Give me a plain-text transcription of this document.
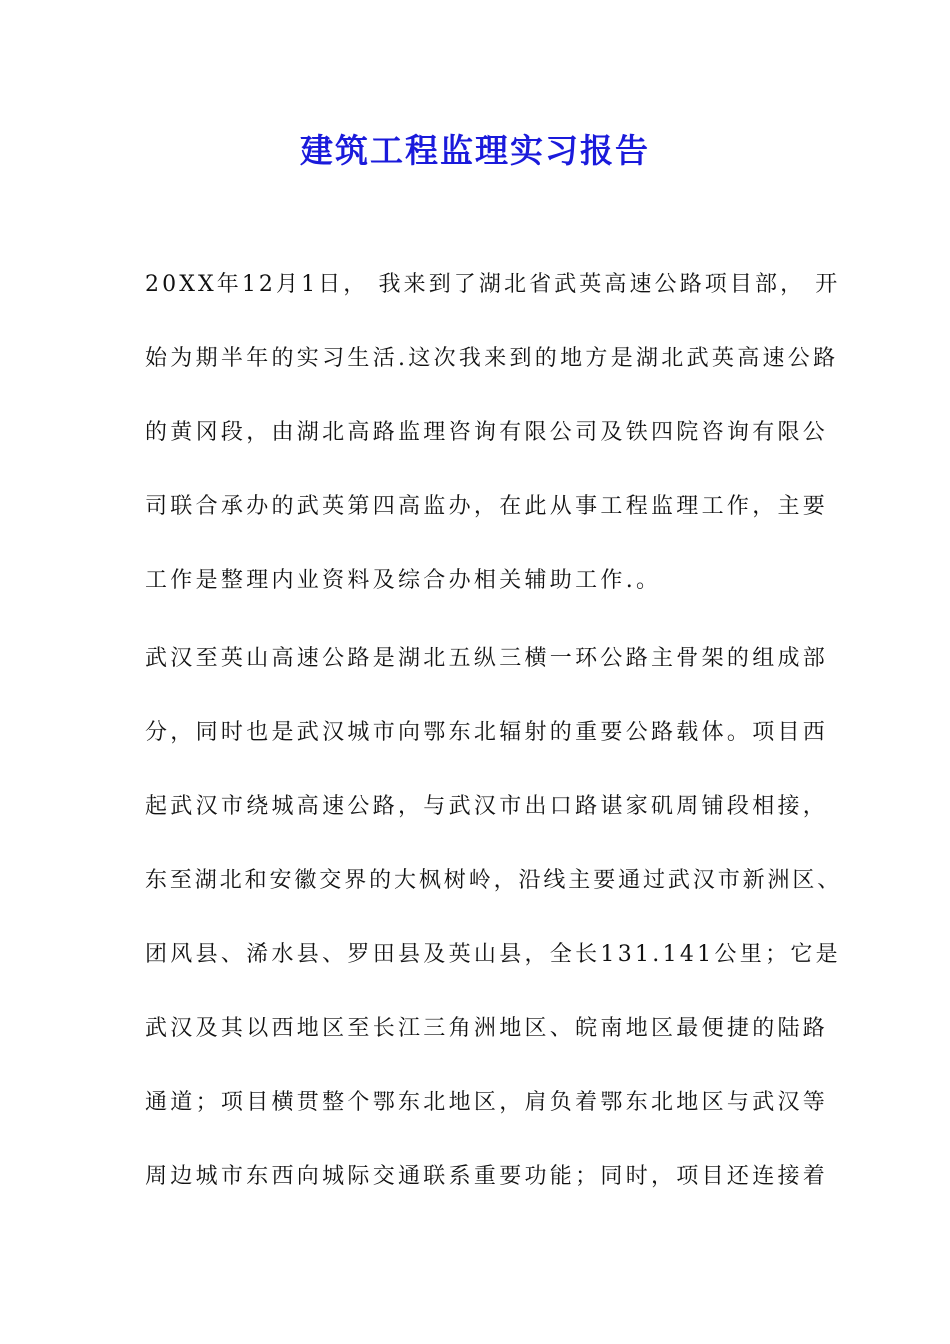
建筑工程监理实习报告

20XX年12月1日， 我来到了湖北省武英高速公路项目部， 开

始为期半年的实习生活.这次我来到的地方是湖北武英高速公路

的黄冈段，由湖北高路监理咨询有限公司及铁四院咨询有限公

司联合承办的武英第四高监办，在此从事工程监理工作，主要

工作是整理内业资料及综合办相关辅助工作.。

武汉至英山高速公路是湖北五纵三横一环公路主骨架的组成部

分，同时也是武汉城市向鄂东北辐射的重要公路载体。项目西

起武汉市绕城高速公路，与武汉市出口路谌家矶周铺段相接，

东至湖北和安徽交界的大枫树岭，沿线主要通过武汉市新洲区、

团风县、浠水县、罗田县及英山县，全长131.141公里；它是

武汉及其以西地区至长江三角洲地区、皖南地区最便捷的陆路

通道；项目横贯整个鄂东北地区，肩负着鄂东北地区与武汉等

周边城市东西向城际交通联系重要功能；同时，项目还连接着
